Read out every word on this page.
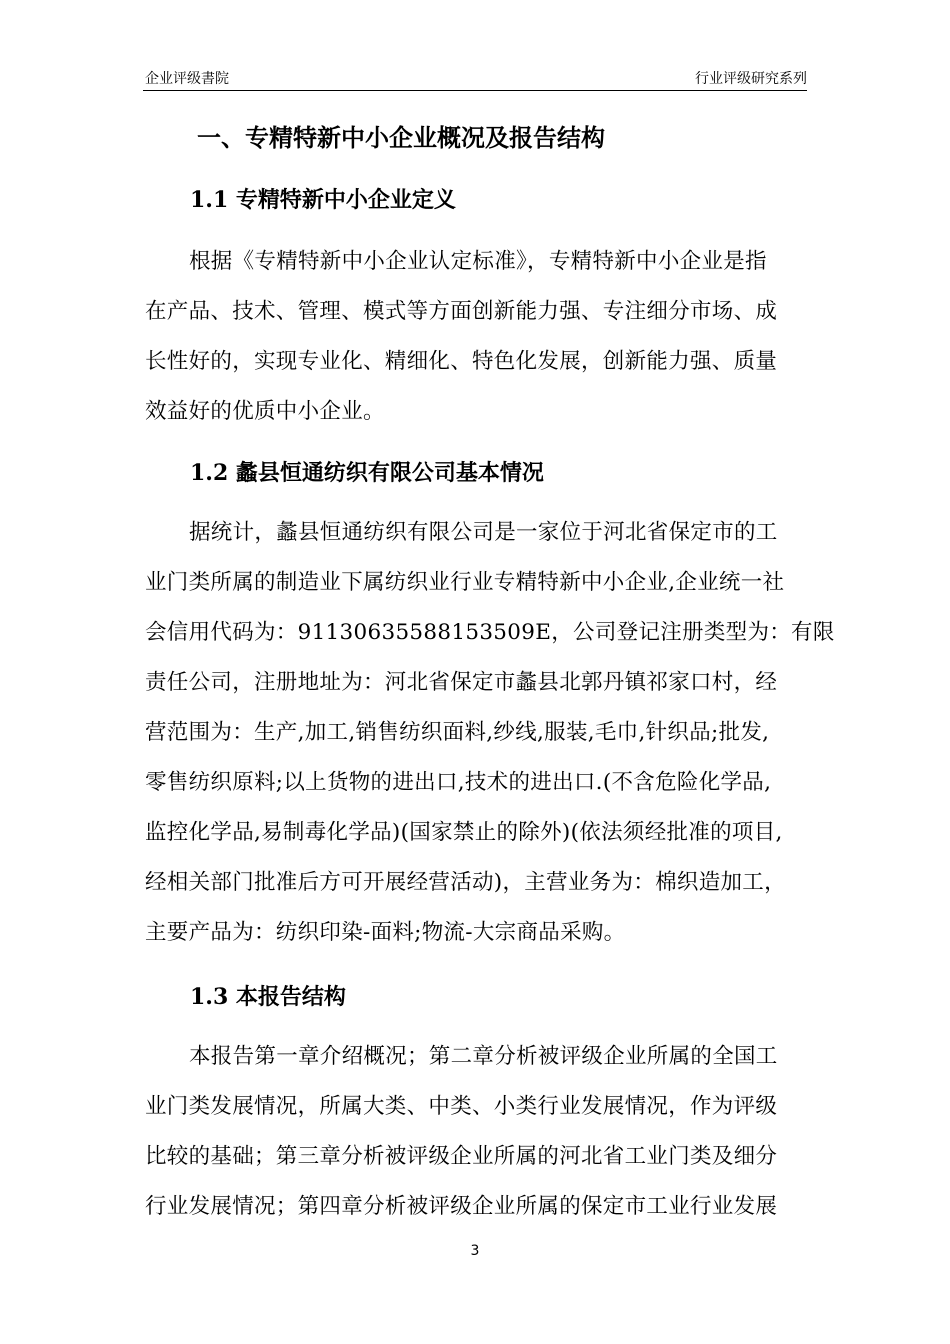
企业评级書院	行业评级研究系列
一、专精特新中小企业概况及报告结构
1.1 专精特新中小企业定义
根据《专精特新中小企业认定标准》，专精特新中小企业是指
在产品、技术、管理、模式等方面创新能力强、专注细分市场、成
长性好的，实现专业化、精细化、特色化发展，创新能力强、质量
效益好的优质中小企业。
1.2 蠡县恒通纺织有限公司基本情况
据统计，蠡县恒通纺织有限公司是一家位于河北省保定市的工
业门类所属的制造业下属纺织业行业专精特新中小企业,企业统一社
会信用代码为：91130635588153509E，公司登记注册类型为：有限
责任公司，注册地址为：河北省保定市蠡县北郭丹镇祁家口村，经
营范围为：生产,加工,销售纺织面料,纱线,服装,毛巾,针织品;批发,
零售纺织原料;以上货物的进出口,技术的进出口.(不含危险化学品,
监控化学品,易制毒化学品)(国家禁止的除外)(依法须经批准的项目,
经相关部门批准后方可开展经营活动)，主营业务为：棉织造加工，
主要产品为：纺织印染-面料;物流-大宗商品采购。
1.3 本报告结构
本报告第一章介绍概况；第二章分析被评级企业所属的全国工
业门类发展情况，所属大类、中类、小类行业发展情况，作为评级
比较的基础；第三章分析被评级企业所属的河北省工业门类及细分
行业发展情况；第四章分析被评级企业所属的保定市工业行业发展
3
